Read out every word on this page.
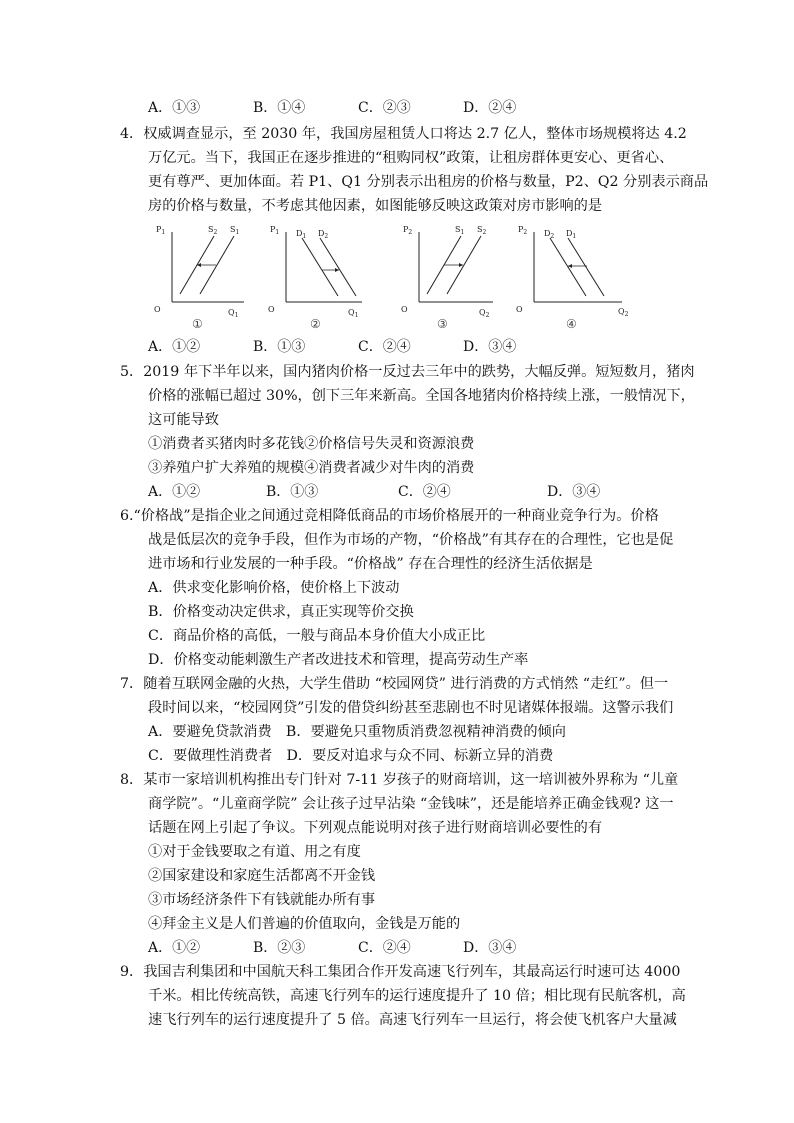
A．①③	B．①④	C．②③	D．②④
4．权威调查显示，至 2030 年，我国房屋租赁人口将达 2.7 亿人，整体市场规模将达 4.2
万亿元。当下，我国正在逐步推进的“租购同权”政策，让租房群体更安心、更省心、
更有尊严、更加体面。若 P1、Q1 分别表示出租房的价格与数量，P2、Q2 分别表示商品
房的价格与数量，不考虑其他因素，如图能够反映这政策对房市影响的是
$P_1$
$Q_1$
O
$S_2$ $S_1$
①
$P_1$
$Q_1$
O
$D_1$ $D_2$
②
$P_2$
$Q_2$
O
$S_1$ $S_2$
③
$P_2$
$Q_2$
O
$D_2$ $D_1$
④
A．①②	B．①③	C．②④	D．③④
5．2019 年下半年以来，国内猪肉价格一反过去三年中的跌势，大幅反弹。短短数月，猪肉
价格的涨幅已超过 30%，创下三年来新高。全国各地猪肉价格持续上涨，一般情况下，
这可能导致
①消费者买猪肉时多花钱②价格信号失灵和资源浪费
③养殖户扩大养殖的规模④消费者减少对牛肉的消费
A．①②	B．①③	C．②④	D．③④
6.“价格战”是指企业之间通过竞相降低商品的市场价格展开的一种商业竞争行为。价格
战是低层次的竞争手段，但作为市场的产物，“价格战”有其存在的合理性，它也是促
进市场和行业发展的一种手段。“价格战” 存在合理性的经济生活依据是
A．供求变化影响价格，使价格上下波动
B．价格变动决定供求，真正实现等价交换
C．商品价格的高低，一般与商品本身价值大小成正比
D．价格变动能刺激生产者改进技术和管理，提高劳动生产率
7．随着互联网金融的火热，大学生借助 “校园网贷” 进行消费的方式悄然 “走红”。但一
段时间以来，“校园网贷”引发的借贷纠纷甚至悲剧也不时见诸媒体报端。这警示我们
A．要避免贷款消费　B．要避免只重物质消费忽视精神消费的倾向
C．要做理性消费者　D．要反对追求与众不同、标新立异的消费
8．某市一家培训机构推出专门针对 7-11 岁孩子的财商培训，这一培训被外界称为 “儿童
商学院”。“儿童商学院” 会让孩子过早沾染 “金钱味”，还是能培养正确金钱观? 这一
话题在网上引起了争议。下列观点能说明对孩子进行财商培训必要性的有
①对于金钱要取之有道、用之有度
②国家建设和家庭生活都离不开金钱
③市场经济条件下有钱就能办所有事
④拜金主义是人们普遍的价值取向，金钱是万能的
A．①②	B．②③	C．②④	D．③④
9．我国吉利集团和中国航天科工集团合作开发高速飞行列车，其最高运行时速可达 4000
千米。相比传统高铁，高速飞行列车的运行速度提升了 10 倍；相比现有民航客机，高
速飞行列车的运行速度提升了 5 倍。高速飞行列车一旦运行，将会使飞机客户大量减
